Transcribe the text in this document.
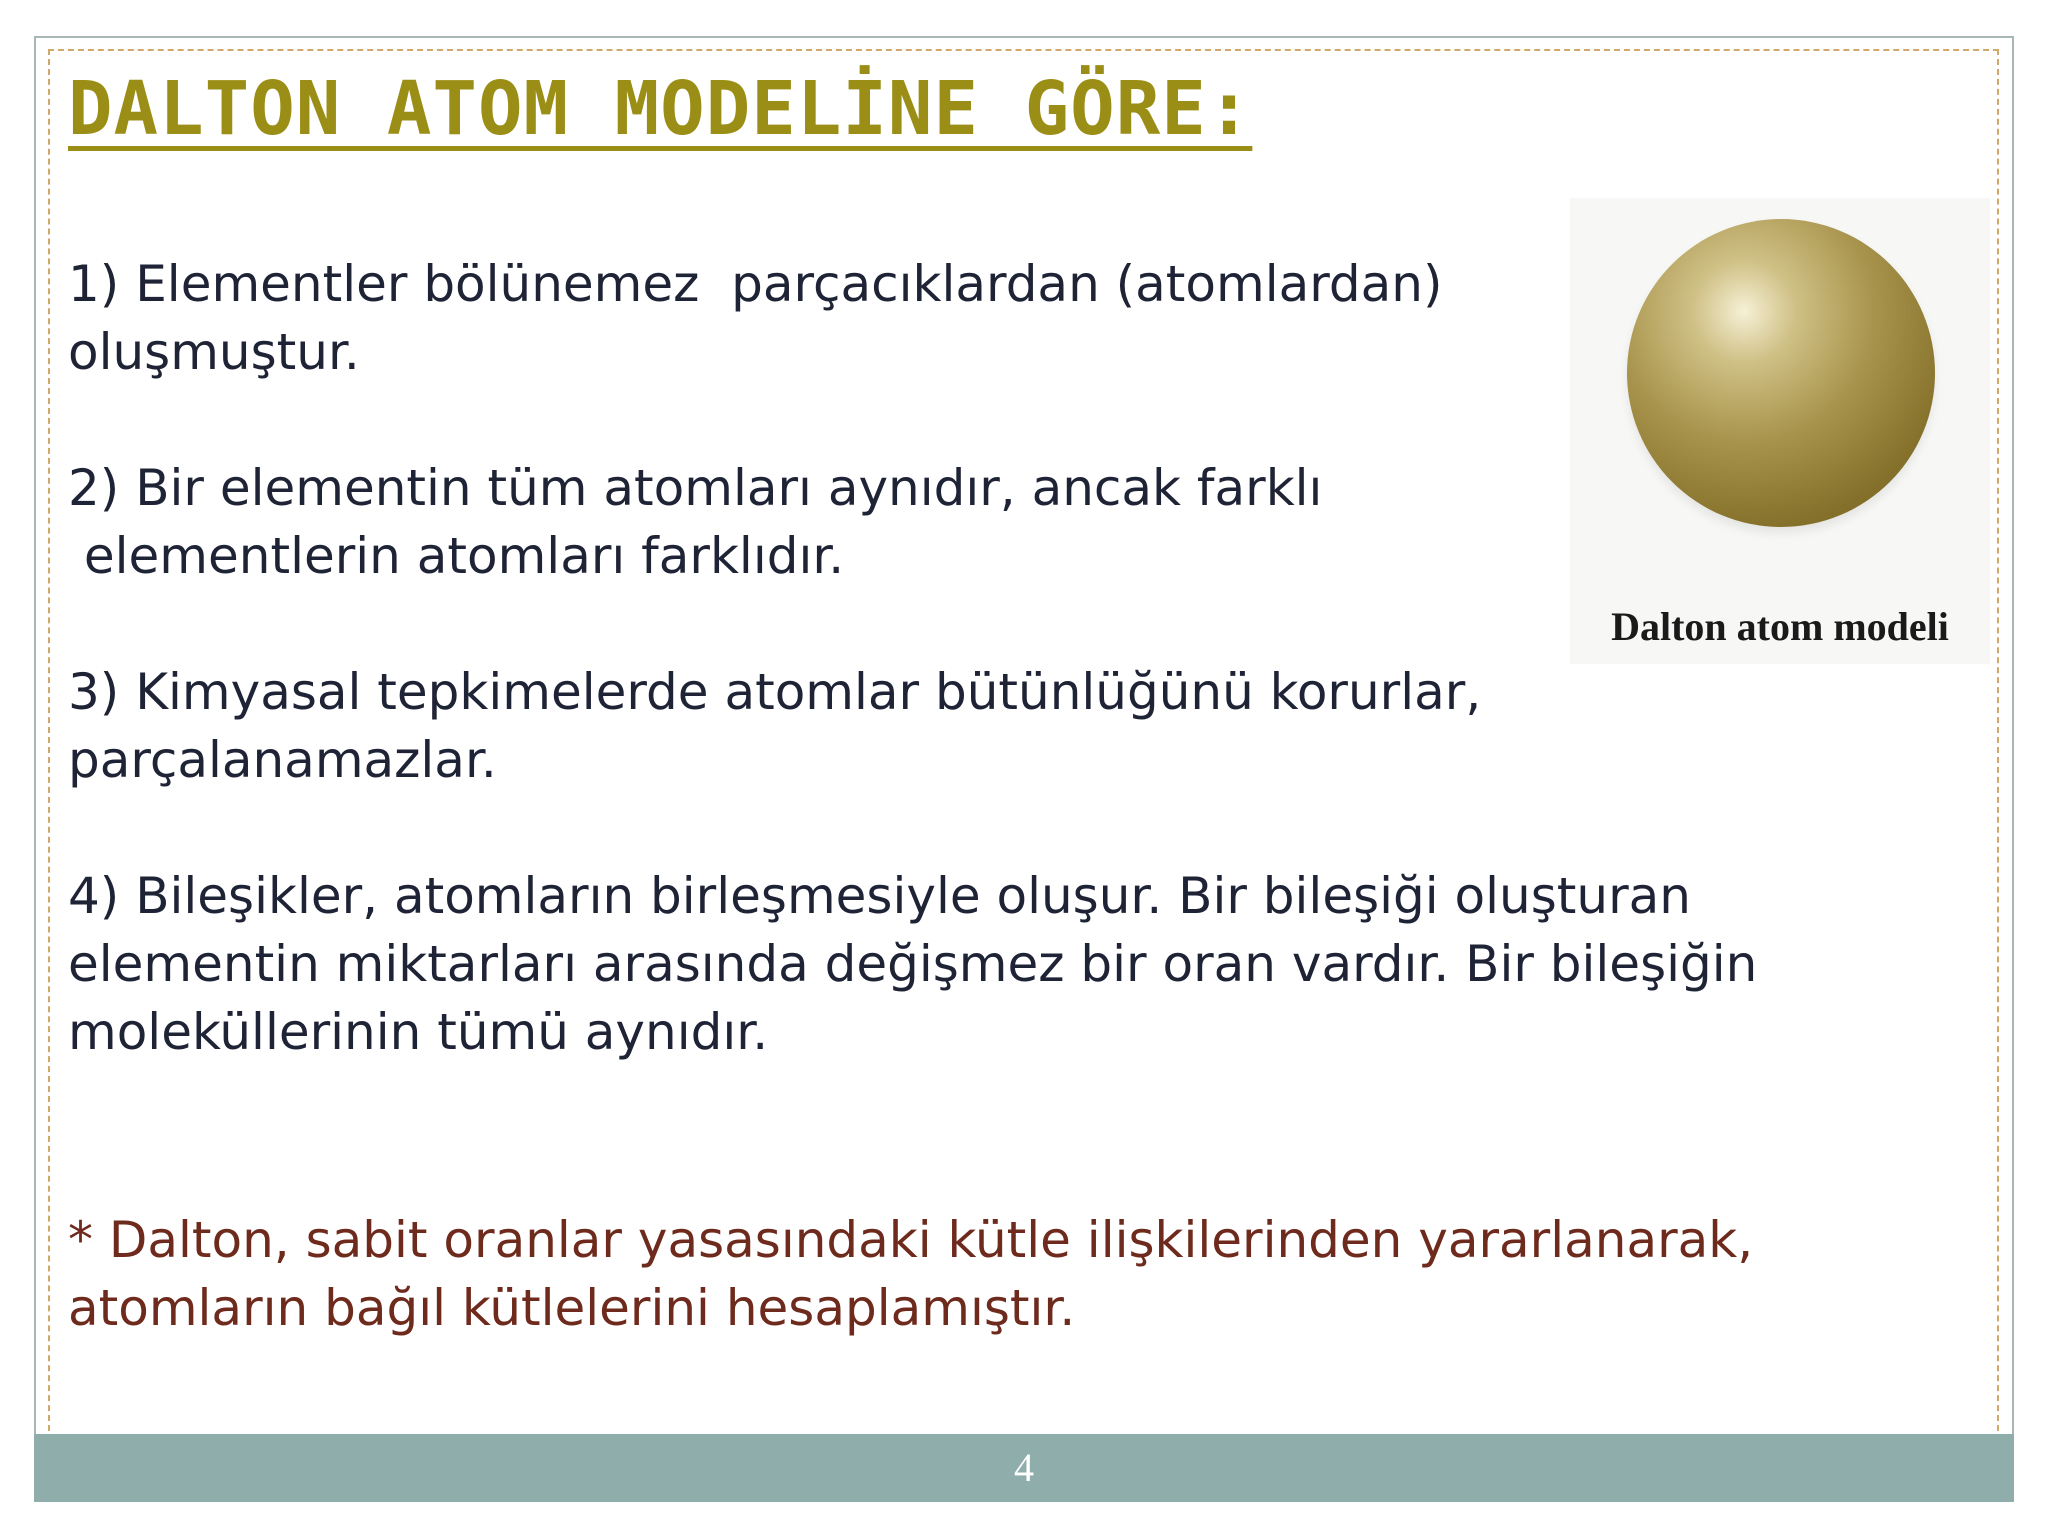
DALTON ATOM MODELİNE GÖRE:

1) Elementler bölünemez  parçacıklardan (atomlardan)
oluşmuştur.

2) Bir elementin tüm atomları aynıdır, ancak farklı
elementlerin atomları farklıdır.

3) Kimyasal tepkimelerde atomlar bütünlüğünü korurlar,
parçalanamazlar.

4) Bileşikler, atomların birleşmesiyle oluşur. Bir bileşiği oluşturan
elementin miktarları arasında değişmez bir oran vardır. Bir bileşiğin
moleküllerinin tümü aynıdır.

* Dalton, sabit oranlar yasasındaki kütle ilişkilerinden yararlanarak,
atomların bağıl kütlelerini hesaplamıştır.
Dalton atom modeli
4
